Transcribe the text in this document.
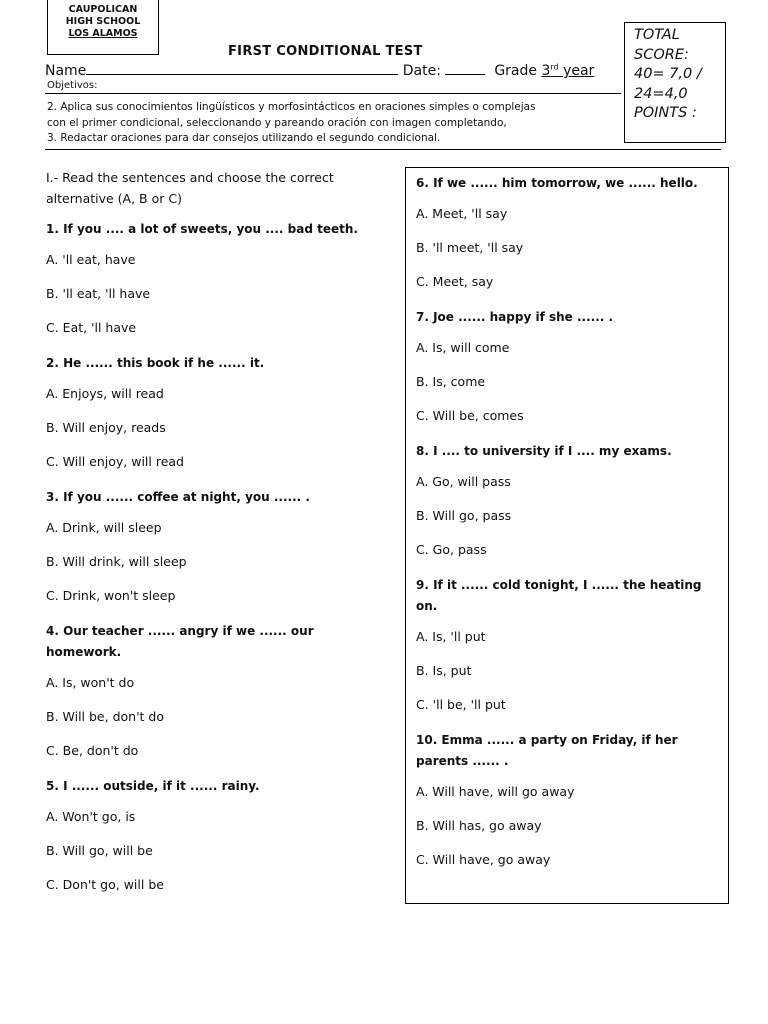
CAUPOLICAN
HIGH SCHOOL
LOS ALAMOS	TOTAL
SCORE:
40= 7,0 /
24=4,0
POINTS :
FIRST CONDITIONAL TEST
Name	Date:	Grade 3rd year
Objetivos:
2. Aplica sus conocimientos lingüísticos y morfosintácticos en oraciones simples o complejas
con el primer condicional, seleccionando y pareando oración con imagen completando,
3. Redactar oraciones para dar consejos utilizando el segundo condicional.
I.- Read the sentences and choose the correct alternative (A, B or C)
1. If you .... a lot of sweets, you .... bad teeth.
A. 'll eat, have
B. 'll eat, 'll have
C. Eat, 'll have
2. He ...... this book if he ...... it.
A. Enjoys, will read
B. Will enjoy, reads
C. Will enjoy, will read
3. If you ...... coffee at night, you ...... .
A. Drink, will sleep
B. Will drink, will sleep
C. Drink, won't sleep
4. Our teacher ...... angry if we ...... our homework.
A. Is, won't do
B. Will be, don't do
C. Be, don't do
5. I ...... outside, if it ...... rainy.
A. Won't go, is
B. Will go, will be
C. Don't go, will be
6. If we ...... him tomorrow, we ...... hello.
A. Meet, 'll say
B. 'll meet, 'll say
C. Meet, say
7. Joe ...... happy if she ...... .
A. Is, will come
B. Is, come
C. Will be, comes
8. I .... to university if I .... my exams.
A. Go, will pass
B. Will go, pass
C. Go, pass
9. If it ...... cold tonight, I ...... the heating on.
A. Is, 'll put
B. Is, put
C. 'll be, 'll put
10. Emma ...... a party on Friday, if her parents ...... .
A. Will have, will go away
B. Will has, go away
C. Will have, go away
